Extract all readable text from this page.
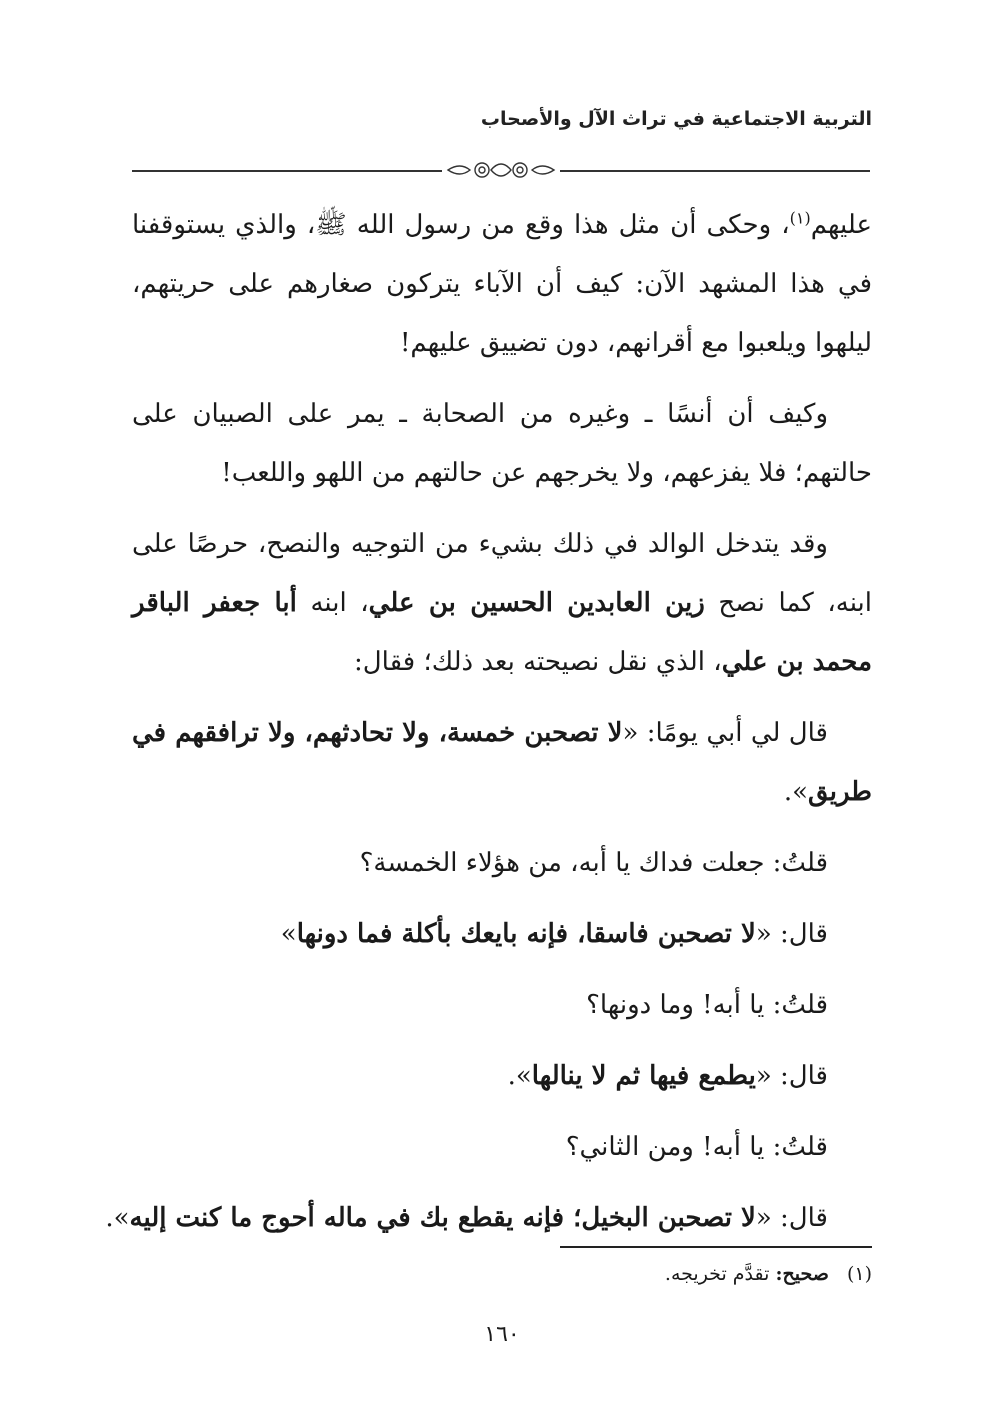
التربية الاجتماعية في تراث الآل والأصحاب

عليهم$^{(١)}$، وحكى أن مثل هذا وقع من رسول الله ﷺ، والذي يستوقفنا في هذا المشهد الآن: كيف أن الآباء يتركون صغارهم على حريتهم، ليلهوا ويلعبوا مع أقرانهم، دون تضييق عليهم!

وكيف أن أنسًا ـ وغيره من الصحابة ـ يمر على الصبيان على حالتهم؛ فلا يفزعهم، ولا يخرجهم عن حالتهم من اللهو واللعب!

وقد يتدخل الوالد في ذلك بشيء من التوجيه والنصح، حرصًا على ابنه، كما نصح زين العابدين الحسين بن علي، ابنه أبا جعفر الباقر محمد بن علي، الذي نقل نصيحته بعد ذلك؛ فقال:

قال لي أبي يومًا: «لا تصحبن خمسة، ولا تحادثهم، ولا ترافقهم في طريق».

قلتُ: جعلت فداك يا أبه، من هؤلاء الخمسة؟
قال: «لا تصحبن فاسقا، فإنه بايعك بأكلة فما دونها»
قلتُ: يا أبه! وما دونها؟
قال: «يطمع فيها ثم لا ينالها».
قلتُ: يا أبه! ومن الثاني؟
قال: «لا تصحبن البخيل؛ فإنه يقطع بك في ماله أحوج ما كنت إليه».
(١) صحيح: تقدَّم تخريجه.
١٦٠
